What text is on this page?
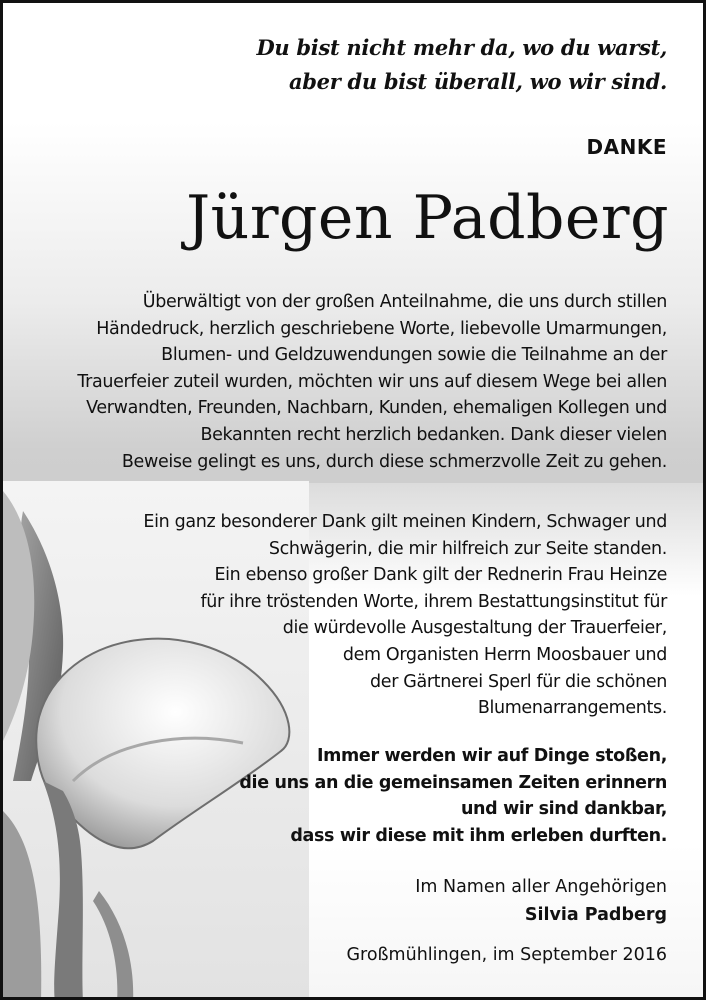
Du bist nicht mehr da, wo du warst,
aber du bist überall, wo wir sind.
DANKE
Jürgen Padberg
Überwältigt von der großen Anteilnahme, die uns durch stillen
Händedruck, herzlich geschriebene Worte, liebevolle Umarmungen,
Blumen- und Geldzuwendungen sowie die Teilnahme an der
Trauerfeier zuteil wurden, möchten wir uns auf diesem Wege bei allen
Verwandten, Freunden, Nachbarn, Kunden, ehemaligen Kollegen und
Bekannten recht herzlich bedanken. Dank dieser vielen
Beweise gelingt es uns, durch diese schmerzvolle Zeit zu gehen.
Ein ganz besonderer Dank gilt meinen Kindern, Schwager und
Schwägerin, die mir hilfreich zur Seite standen.
Ein ebenso großer Dank gilt der Rednerin Frau Heinze
für ihre tröstenden Worte, ihrem Bestattungsinstitut für
die würdevolle Ausgestaltung der Trauerfeier,
dem Organisten Herrn Moosbauer und
der Gärtnerei Sperl für die schönen
Blumenarrangements.
Immer werden wir auf Dinge stoßen,
die uns an die gemeinsamen Zeiten erinnern
und wir sind dankbar,
dass wir diese mit ihm erleben durften.
Im Namen aller Angehörigen
Silvia Padberg
Großmühlingen, im September 2016
